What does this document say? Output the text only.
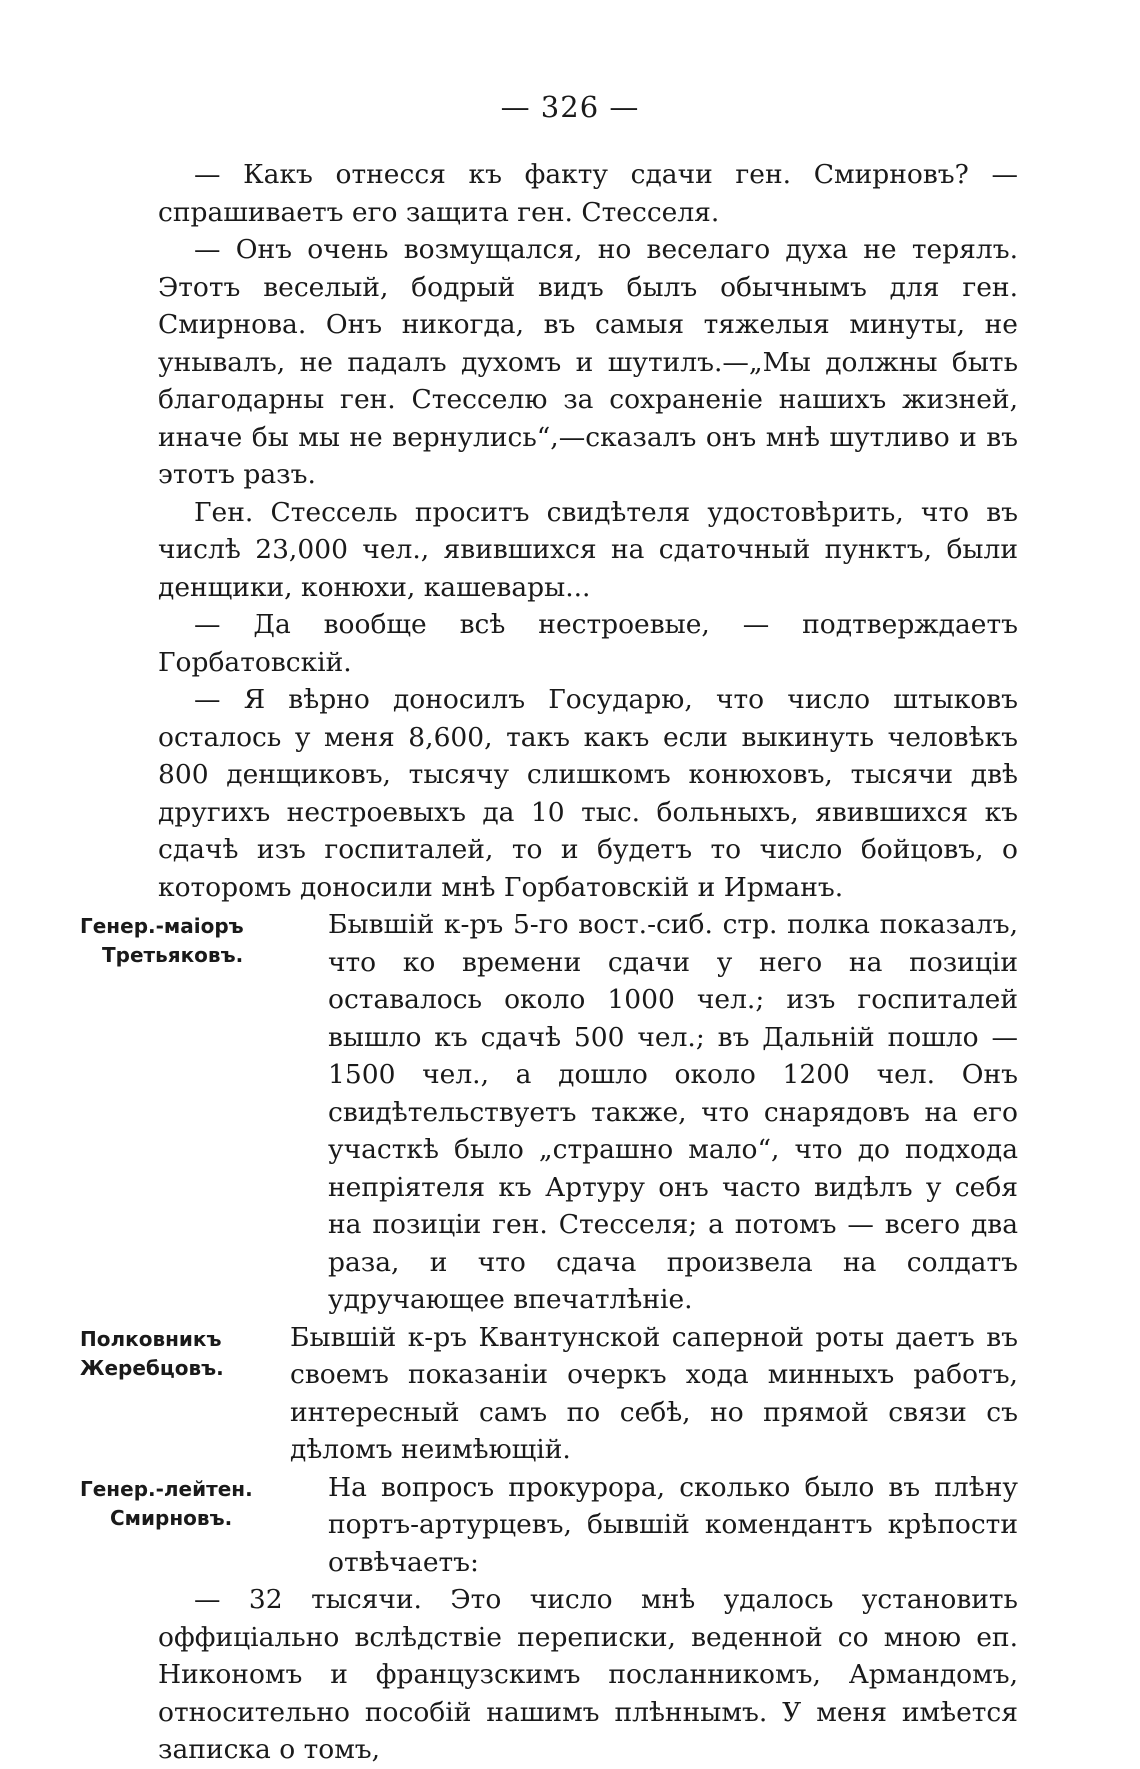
— 326 —

— Какъ отнесся къ факту сдачи ген. Смирновъ? — спрашиваетъ его защита ген. Стесселя.

— Онъ очень возмущался, но веселаго духа не терялъ. Этотъ веселый, бодрый видъ былъ обычнымъ для ген. Смирнова. Онъ никогда, въ самыя тяжелыя минуты, не унывалъ, не падалъ духомъ и шутилъ.—„Мы должны быть благодарны ген. Стесселю за сохраненіе нашихъ жизней, иначе бы мы не вернулись“,—сказалъ онъ мнѣ шутливо и въ этотъ разъ.

Ген. Стессель проситъ свидѣтеля удостовѣрить, что въ числѣ 23,000 чел., явившихся на сдаточный пунктъ, были денщики, конюхи, кашевары...

— Да вообще всѣ нестроевые, — подтверждаетъ Горбатовскій.

— Я вѣрно доносилъ Государю, что число штыковъ осталось у меня 8,600, такъ какъ если выкинуть человѣкъ 800 денщиковъ, тысячу слишкомъ конюховъ, тысячи двѣ другихъ нестроевыхъ да 10 тыс. больныхъ, явившихся къ сдачѣ изъ госпиталей, то и будетъ то число бойцовъ, о которомъ доносили мнѣ Горбатовскій и Ирманъ.

Генер.-маіоръ
Третьяковъ.

Бывшій к-ръ 5-го вост.-сиб. стр. полка показалъ, что ко времени сдачи у него на позиціи оставалось около 1000 чел.; изъ госпиталей вышло къ сдачѣ 500 чел.; въ Дальній пошло — 1500 чел., а дошло около 1200 чел. Онъ свидѣтельствуетъ также, что снарядовъ на его участкѣ было „страшно мало“, что до подхода непріятеля къ Артуру онъ часто видѣлъ у себя на позиціи ген. Стесселя; а потомъ — всего два раза, и что сдача произвела на солдатъ удручающее впечатлѣніе.

Полковникъ
Жеребцовъ.

Бывшій к-ръ Квантунской саперной роты даетъ въ своемъ показаніи очеркъ хода минныхъ работъ, интересный самъ по себѣ, но прямой связи съ дѣломъ неимѣющій.

Генер.-лейтен.
Смирновъ.

На вопросъ прокурора, сколько было въ плѣну портъ-артурцевъ, бывшій комендантъ крѣпости отвѣчаетъ:

— 32 тысячи. Это число мнѣ удалось установить оффиціально вслѣдствіе переписки, веденной со мною еп. Никономъ и французскимъ посланникомъ, Армандомъ, относительно пособій нашимъ плѣннымъ. У меня имѣется записка о томъ,
